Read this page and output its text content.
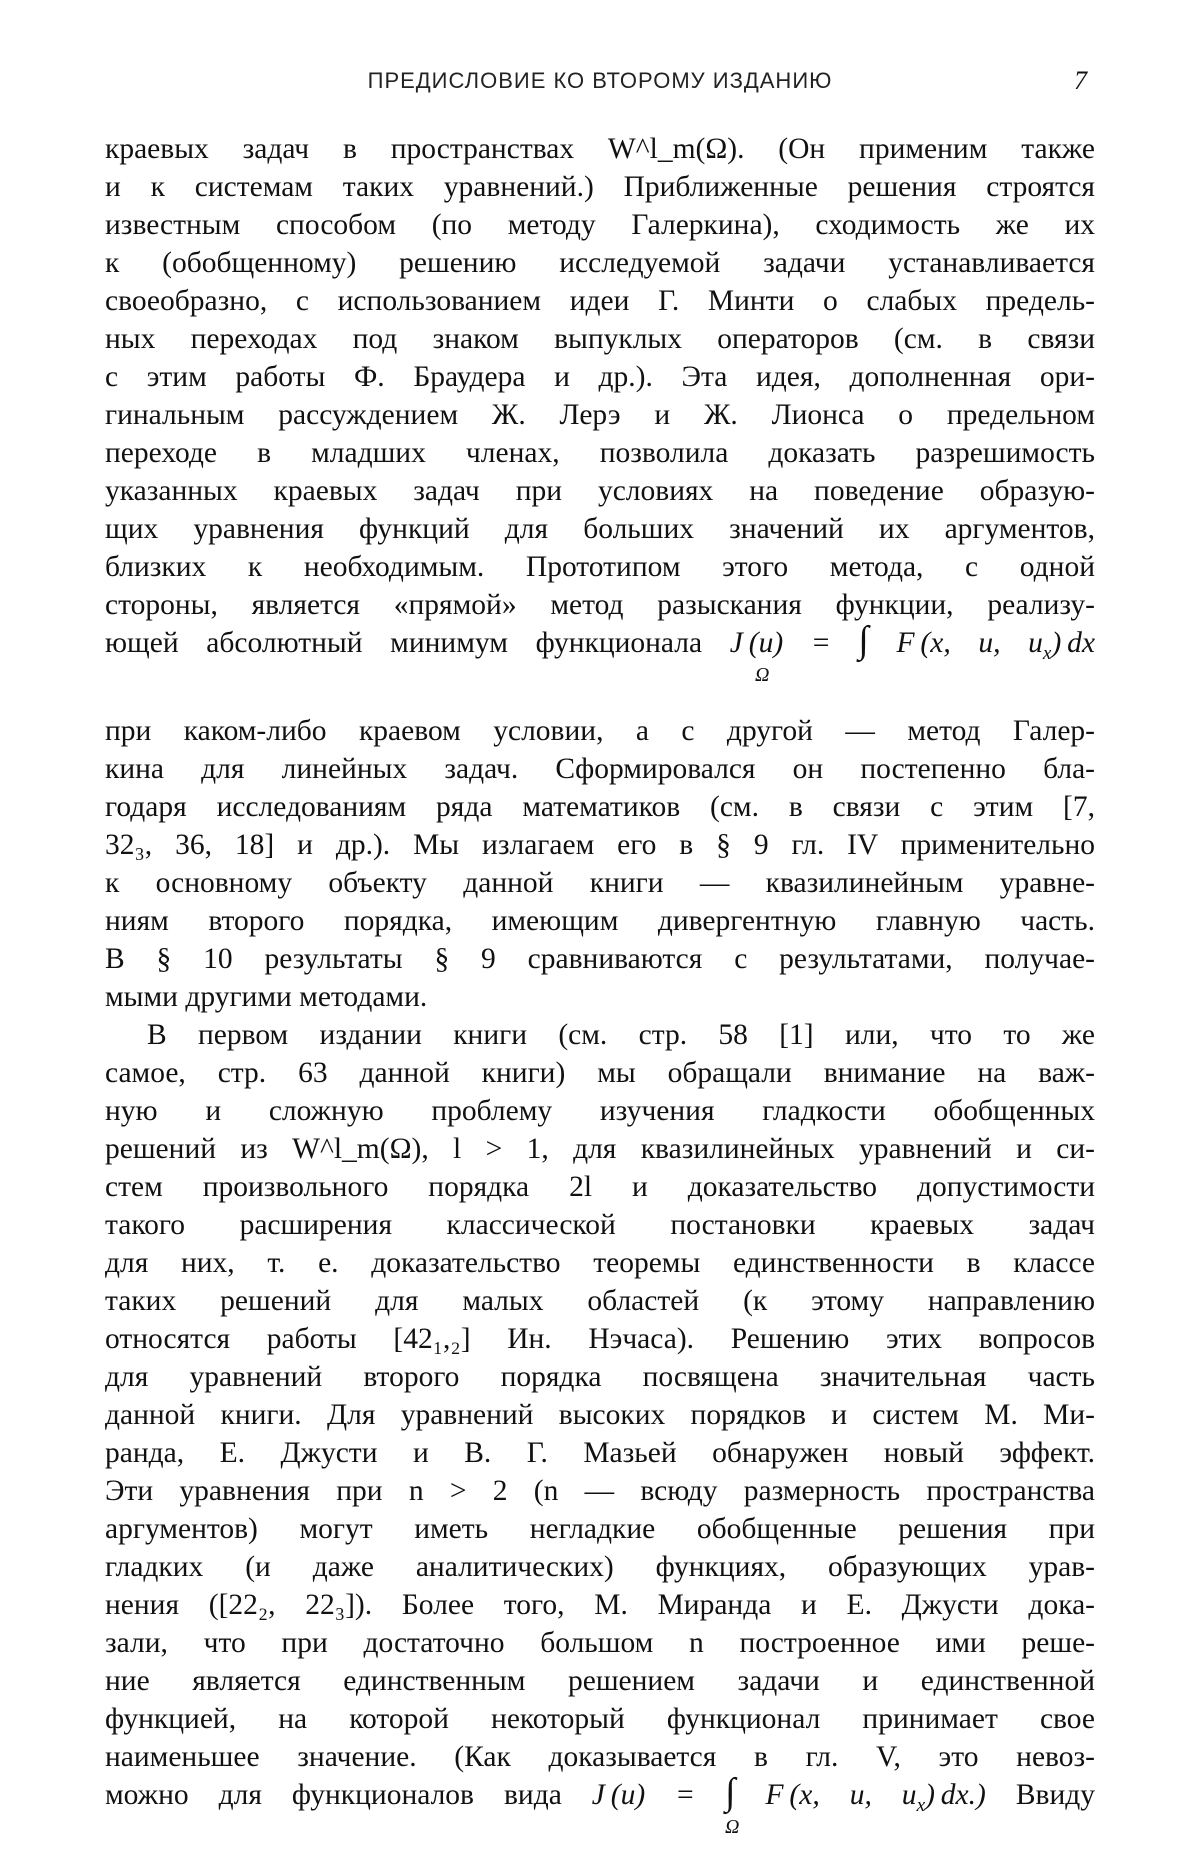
ПРЕДИСЛОВИЕ КО ВТОРОМУ ИЗДАНИЮ	7
краевых задач в пространствах W^l_m(Ω). (Он применим также
и к системам таких уравнений.) Приближенные решения строятся
известным способом (по методу Галеркина), сходимость же их
к (обобщенному) решению исследуемой задачи устанавливается
своеобразно, с использованием идеи Г. Минти о слабых предель-
ных переходах под знаком выпуклых операторов (см. в связи
с этим работы Ф. Браудера и др.). Эта идея, дополненная ори-
гинальным рассуждением Ж. Лерэ и Ж. Лионса о предельном
переходе в младших членах, позволила доказать разрешимость
указанных краевых задач при условиях на поведение образую-
щих уравнения функций для больших значений их аргументов,
близких к необходимым. Прототипом этого метода, с одной
стороны, является «прямой» метод разыскания функции, реализу-
ющей абсолютный минимум функционала J (u) = ∫ F (x, u, $u_x$) dx
Ω
при каком-либо краевом условии, а с другой — метод Галер-
кина для линейных задач. Сформировался он постепенно бла-
годаря исследованиям ряда математиков (см. в связи с этим [7,
32₃, 36, 18] и др.). Мы излагаем его в § 9 гл. IV применительно
к основному объекту данной книги — квазилинейным уравне-
ниям второго порядка, имеющим дивергентную главную часть.
В § 10 результаты § 9 сравниваются с результатами, получае-
мыми другими методами.
В первом издании книги (см. стр. 58 [1] или, что то же
самое, стр. 63 данной книги) мы обращали внимание на важ-
ную и сложную проблему изучения гладкости обобщенных
решений из W^l_m(Ω), l > 1, для квазилинейных уравнений и си-
стем произвольного порядка 2l и доказательство допустимости
такого расширения классической постановки краевых задач
для них, т. е. доказательство теоремы единственности в классе
таких решений для малых областей (к этому направлению
относятся работы [42₁,₂] Ин. Нэчаса). Решению этих вопросов
для уравнений второго порядка посвящена значительная часть
данной книги. Для уравнений высоких порядков и систем М. Ми-
ранда, Е. Джусти и В. Г. Мазьей обнаружен новый эффект.
Эти уравнения при n > 2 (n — всюду размерность пространства
аргументов) могут иметь негладкие обобщенные решения при
гладких (и даже аналитических) функциях, образующих урав-
нения ([22₂, 22₃]). Более того, М. Миранда и Е. Джусти дока-
зали, что при достаточно большом n построенное ими реше-
ние является единственным решением задачи и единственной
функцией, на которой некоторый функционал принимает свое
наименьшее значение. (Как доказывается в гл. V, это невоз-
можно для функционалов вида J (u) = ∫ F (x, u, $u_x$) dx.) Ввиду
Ω
